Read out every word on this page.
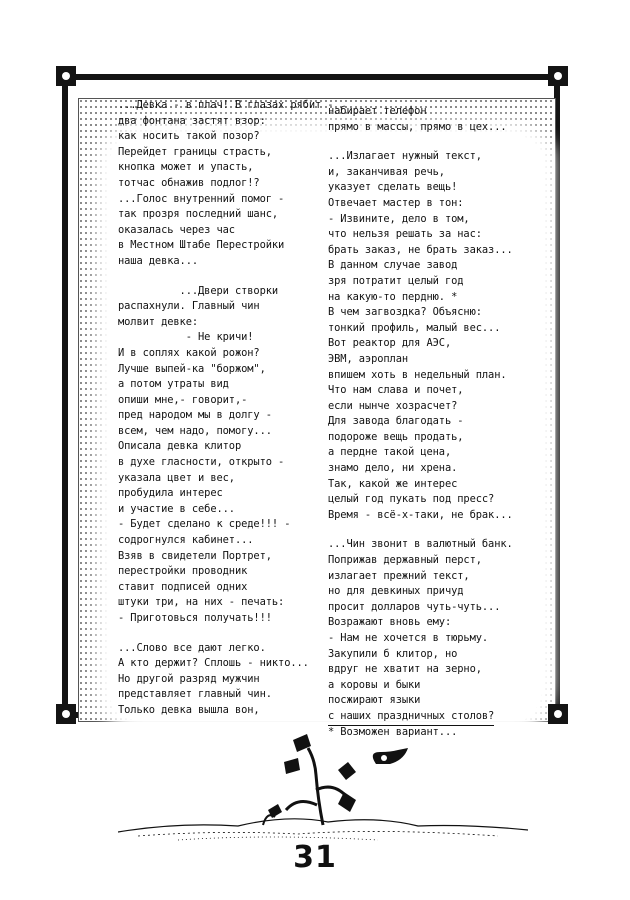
...Девка - в плач! В глазах рябит -
два фонтана застят взор:
как носить такой позор?
Перейдет границы страсть,
кнопка может и упасть,
тотчас обнажив подлог!?
...Голос внутренний помог -
так прозря последний шанс,
оказалась через час
в Местном Штабе Перестройки
наша девка...
...Двери створки
распахнули. Главный чин
молвит девке:
- Не кричи!
И в соплях какой рожон?
Лучше выпей-ка "боржом",
а потом утраты вид
опиши мне,- говорит,-
пред народом мы в долгу -
всем, чем надо, помогу...
Описала девка клитор
в духе гласности, открыто -
указала цвет и вес,
пробудила интерес
и участие в себе...
- Будет сделано к среде!!! -
содрогнулся кабинет...
Взяв в свидетели Портрет,
перестройки проводник
ставит подписей одних
штуки три, на них - печать:
- Приготовься получать!!!
...Слово все дают легко.
А кто держит? Сплошь - никто...
Но другой разряд мужчин
представляет главный чин.
Только девка вышла вон,
набирает телефон
прямо в массы, прямо в цех...
...Излагает нужный текст,
и, заканчивая речь,
указует сделать вещь!
Отвечает мастер в тон:
- Извините, дело в том,
что нельзя решать за нас:
брать заказ, не брать заказ...
В данном случае завод
зря потратит целый год
на какую-то пердню. *
В чем загвоздка? Объясню:
тонкий профиль, малый вес...
Вот реактор для АЭС,
ЭВМ, аэроплан
впишем хоть в недельный план.
Что нам слава и почет,
если нынче хозрасчет?
Для завода благодать -
подороже вещь продать,
а пердне такой цена,
знамо дело, ни хрена.
Так, какой же интерес
целый год пукать под пресс?
Время - всё-х-таки, не брак...
...Чин звонит в валютный банк.
Поприжав державный перст,
излагает прежний текст,
но для девкиных причуд
просит долларов чуть-чуть...
Возражают вновь ему:
- Нам не хочется в тюрьму.
Закупили б клитор, но
вдруг не хватит на зерно,
а коровы и быки
посжирают языки
с наших праздничных столов?
* Возможен вариант...
31
